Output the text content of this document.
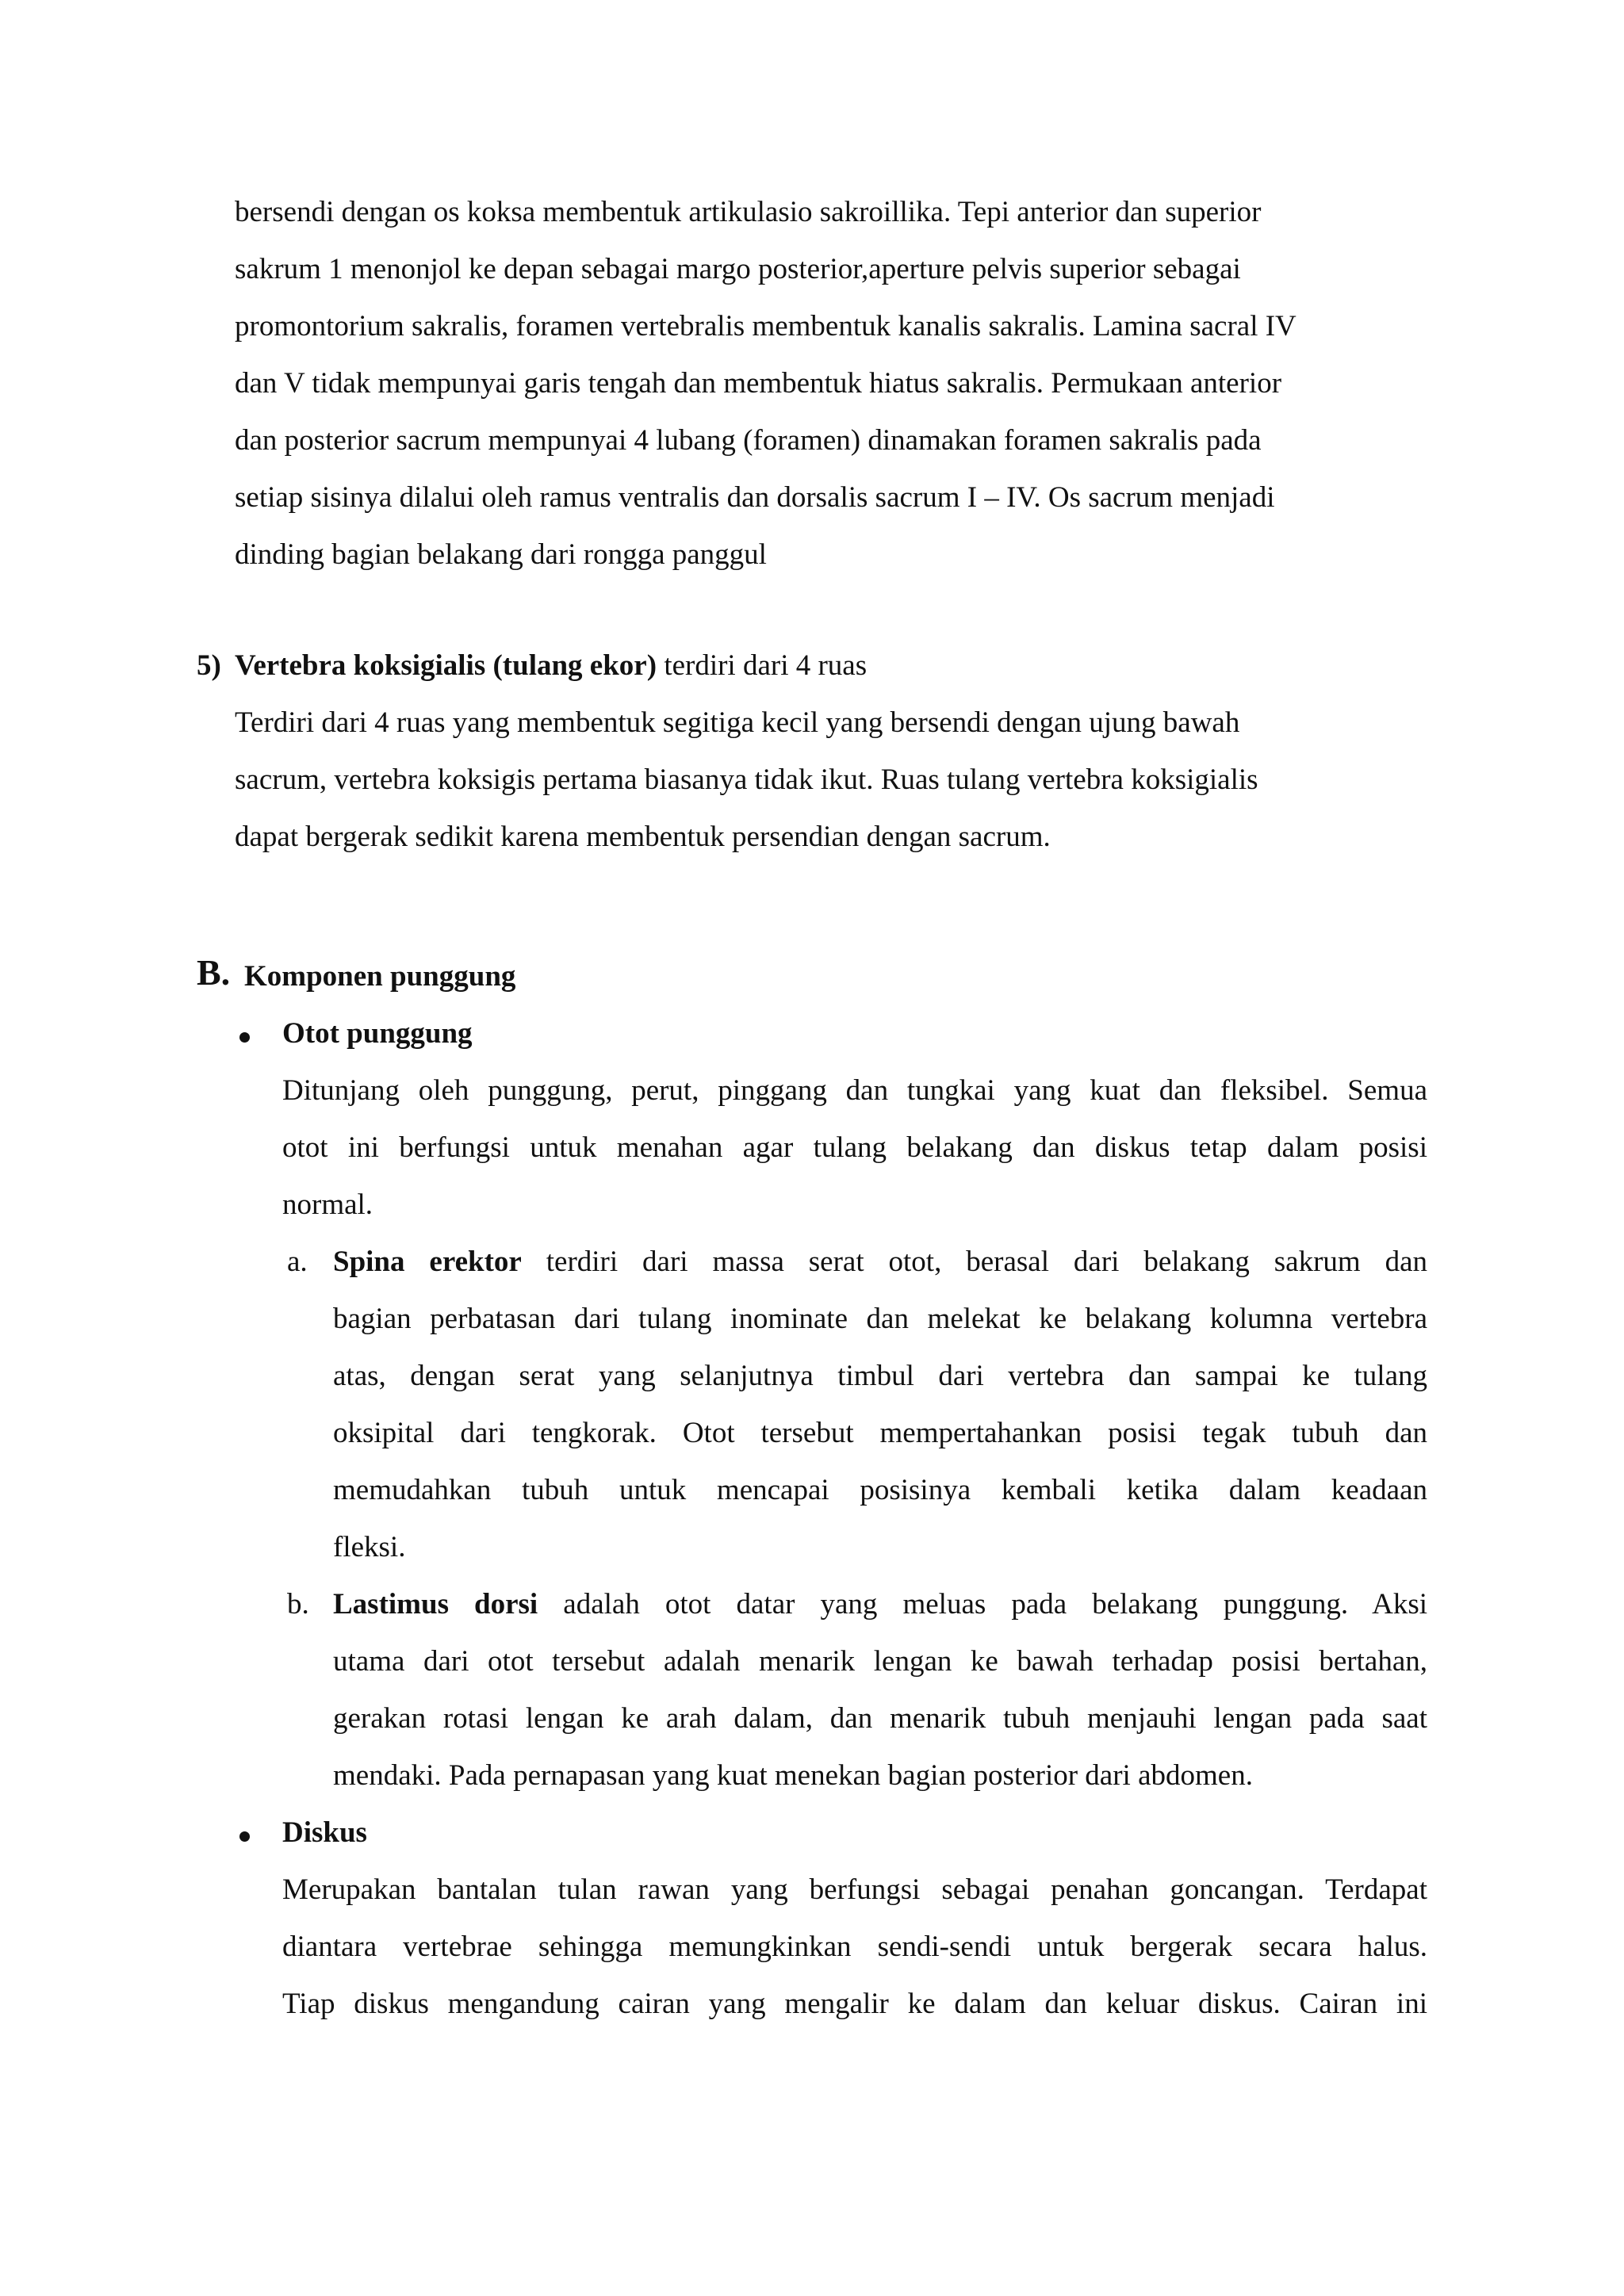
bersendi dengan os koksa membentuk artikulasio sakroillika. Tepi anterior dan superior
sakrum 1 menonjol ke depan sebagai margo posterior,aperture pelvis superior sebagai
promontorium sakralis, foramen vertebralis membentuk kanalis sakralis. Lamina sacral IV
dan V tidak mempunyai garis tengah dan membentuk hiatus sakralis. Permukaan anterior
dan posterior sacrum mempunyai 4 lubang (foramen) dinamakan foramen sakralis pada
setiap sisinya dilalui oleh ramus ventralis dan dorsalis sacrum I – IV. Os sacrum menjadi
dinding bagian belakang dari rongga panggul
5) Vertebra koksigialis (tulang ekor) terdiri dari 4 ruas
Terdiri dari 4 ruas yang membentuk segitiga kecil yang bersendi dengan ujung bawah
sacrum, vertebra koksigis pertama biasanya tidak ikut. Ruas tulang vertebra koksigialis
dapat bergerak sedikit karena membentuk persendian dengan sacrum.
B. Komponen punggung
Otot punggung
Ditunjang oleh punggung, perut, pinggang dan tungkai yang kuat dan fleksibel. Semua
otot ini berfungsi untuk menahan agar tulang belakang dan diskus tetap dalam posisi
normal.
a. Spina erektor terdiri dari massa serat otot, berasal dari belakang sakrum dan
bagian perbatasan dari tulang inominate dan melekat ke belakang kolumna vertebra
atas, dengan serat yang selanjutnya timbul dari vertebra dan sampai ke tulang
oksipital dari tengkorak. Otot tersebut mempertahankan posisi tegak tubuh dan
memudahkan tubuh untuk mencapai posisinya kembali ketika dalam keadaan
fleksi.
b. Lastimus dorsi adalah otot datar yang meluas pada belakang punggung. Aksi
utama dari otot tersebut adalah menarik lengan ke bawah terhadap posisi bertahan,
gerakan rotasi lengan ke arah dalam, dan menarik tubuh menjauhi lengan pada saat
mendaki. Pada pernapasan yang kuat menekan bagian posterior dari abdomen.
Diskus
Merupakan bantalan tulan rawan yang berfungsi sebagai penahan goncangan. Terdapat
diantara vertebrae sehingga memungkinkan sendi-sendi untuk bergerak secara halus.
Tiap diskus mengandung cairan yang mengalir ke dalam dan keluar diskus. Cairan ini
